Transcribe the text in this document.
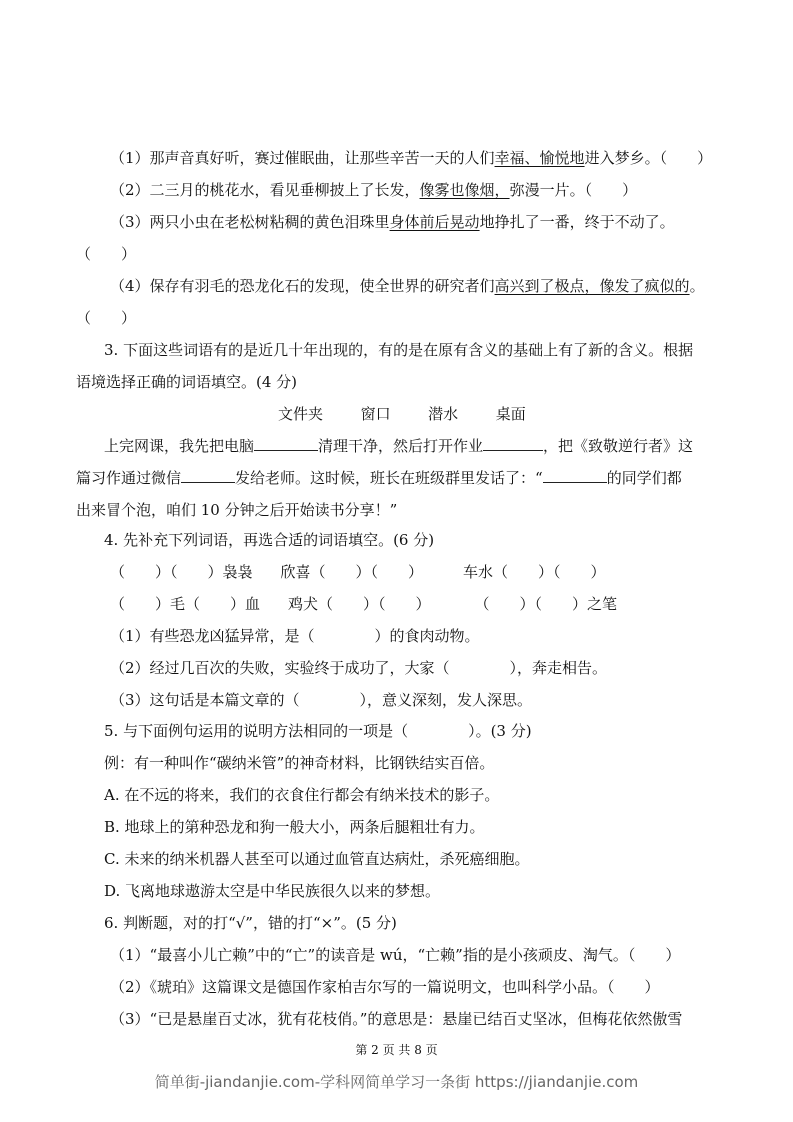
（1）那声音真好听，赛过催眠曲，让那些辛苦一天的人们幸福、愉悦地进入梦乡。（　　）
（2）二三月的桃花水，看见垂柳披上了长发，像雾也像烟，弥漫一片。（　　）
（3）两只小虫在老松树粘稠的黄色泪珠里身体前后晃动地挣扎了一番，终于不动了。
（　　）
（4）保存有羽毛的恐龙化石的发现，使全世界的研究者们高兴到了极点，像发了疯似的。
（　　）
3. 下面这些词语有的是近几十年出现的，有的是在原有含义的基础上有了新的含义。根据
语境选择正确的词语填空。(4 分)
文件夹	窗口	潜水	桌面
上完网课，我先把电脑	清理干净，然后打开作业	，把《致敬逆行者》这
篇习作通过微信	发给老师。这时候，班长在班级群里发话了：“	的同学们都
出来冒个泡，咱们 10 分钟之后开始读书分享！”
4. 先补充下列词语，再选合适的词语填空。(6 分)
（　　）（　　）袅袅 欣喜（　　）（　　）	车水（　　）（　　）
（　　）毛（　　）血 鸡犬（　　）（　　）	（　　）（　　）之笔
（1）有些恐龙凶猛异常，是（　　　　）的食肉动物。
（2）经过几百次的失败，实验终于成功了，大家（　　　　），奔走相告。
（3）这句话是本篇文章的（　　　　），意义深刻，发人深思。
5. 与下面例句运用的说明方法相同的一项是（　　　　）。(3 分)
例：有一种叫作“碳纳米管”的神奇材料，比钢铁结实百倍。
A. 在不远的将来，我们的衣食住行都会有纳米技术的影子。
B. 地球上的第种恐龙和狗一般大小，两条后腿粗壮有力。
C. 未来的纳米机器人甚至可以通过血管直达病灶，杀死癌细胞。
D. 飞离地球遨游太空是中华民族很久以来的梦想。
6. 判断题，对的打“√”，错的打“×”。(5 分)
（1）“最喜小儿亡赖”中的“亡”的读音是 wú，“亡赖”指的是小孩顽皮、淘气。（　　）
（2）《琥珀》这篇课文是德国作家柏吉尔写的一篇说明文，也叫科学小品。（　　）
（3）“已是悬崖百丈冰，犹有花枝俏。”的意思是：悬崖已结百丈坚冰，但梅花依然傲雪
第 2 页 共 8 页
简单街-jiandanjie.com-学科网简单学习一条街 https://jiandanjie.com
